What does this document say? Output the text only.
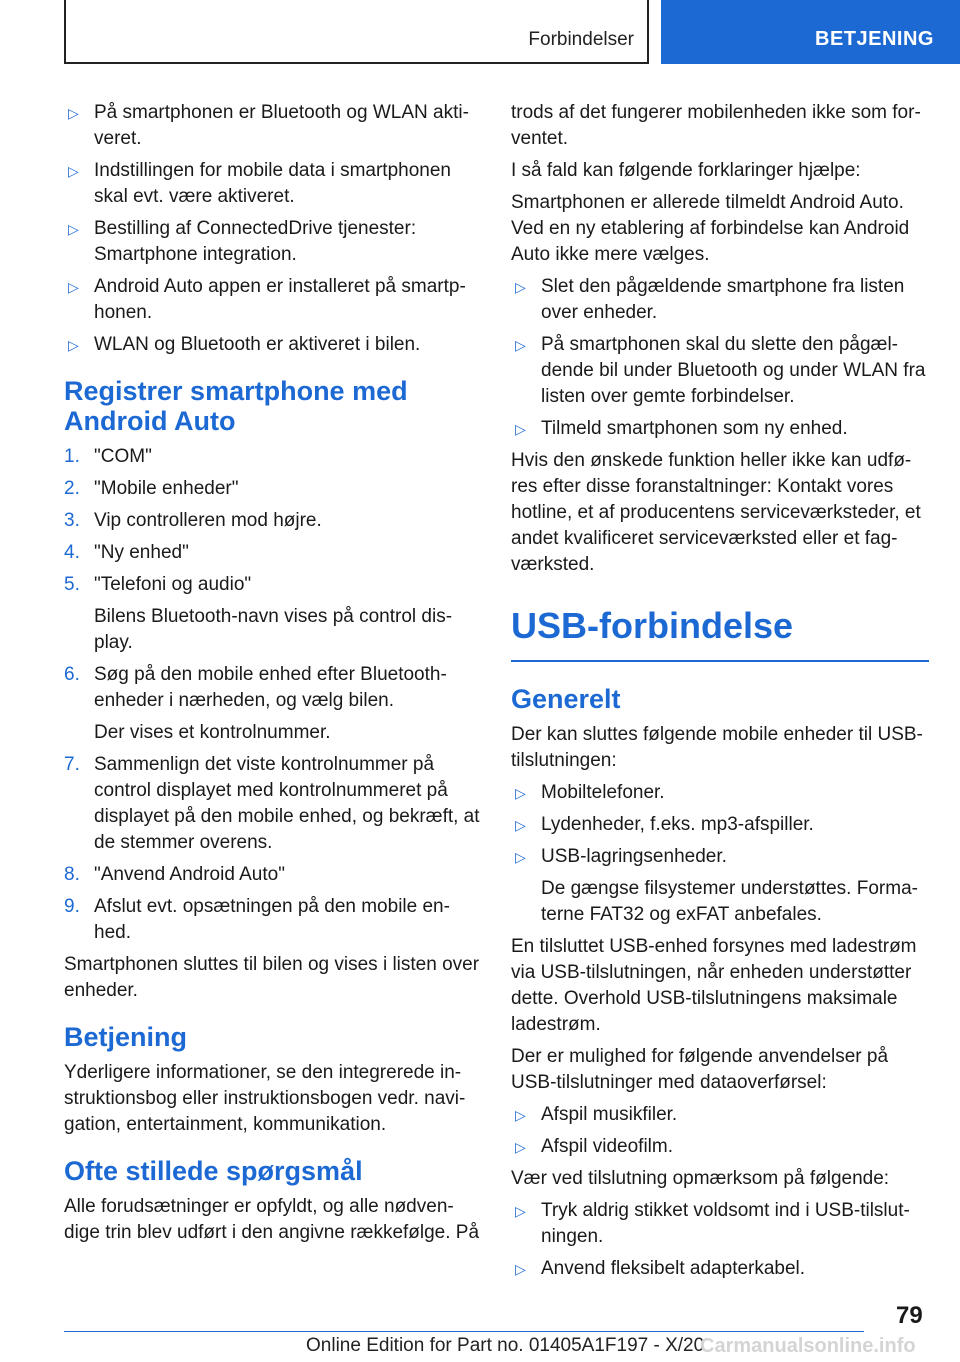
Forbindelser	BETJENING
▷ På smartphonen er Bluetooth og WLAN akti-veret.
▷ Indstillingen for mobile data i smartphonen skal evt. være aktiveret.
▷ Bestilling af ConnectedDrive tjenester: Smartphone integration.
▷ Android Auto appen er installeret på smartp-honen.
▷ WLAN og Bluetooth er aktiveret i bilen.
Registrer smartphone med Android Auto
1. "COM"
2. "Mobile enheder"
3. Vip controlleren mod højre.
4. "Ny enhed"
5. "Telefoni og audio"
Bilens Bluetooth-navn vises på control dis-play.
6. Søg på den mobile enhed efter Bluetooth-enheder i nærheden, og vælg bilen.
Der vises et kontrolnummer.
7. Sammenlign det viste kontrolnummer på control displayet med kontrolnummeret på displayet på den mobile enhed, og bekræft, at de stemmer overens.
8. "Anvend Android Auto"
9. Afslut evt. opsætningen på den mobile en-hed.

Smartphonen sluttes til bilen og vises i listen over enheder.

Betjening

Yderligere informationer, se den integrerede in-struktionsbog eller instruktionsbogen vedr. navi-gation, entertainment, kommunikation.

Ofte stillede spørgsmål

Alle forudsætninger er opfyldt, og alle nødven-dige trin blev udført i den angivne rækkefølge. På

trods af det fungerer mobilenheden ikke som for-ventet.

I så fald kan følgende forklaringer hjælpe:

Smartphonen er allerede tilmeldt Android Auto. Ved en ny etablering af forbindelse kan Android Auto ikke mere vælges.

▷ Slet den pågældende smartphone fra listen over enheder.
▷ På smartphonen skal du slette den pågæl-dende bil under Bluetooth og under WLAN fra listen over gemte forbindelser.
▷ Tilmeld smartphonen som ny enhed.

Hvis den ønskede funktion heller ikke kan udfø-res efter disse foranstaltninger: Kontakt vores hotline, et af producentens serviceværksteder, et andet kvalificeret serviceværksted eller et fag-værksted.

USB-forbindelse
Generelt

Der kan sluttes følgende mobile enheder til USB-tilslutningen:

▷ Mobiltelefoner.
▷ Lydenheder, f.eks. mp3-afspiller.
▷ USB-lagringsenheder.
De gængse filsystemer understøttes. Forma-terne FAT32 og exFAT anbefales.

En tilsluttet USB-enhed forsynes med ladestrøm via USB-tilslutningen, når enheden understøtter dette. Overhold USB-tilslutningens maksimale ladestrøm.

Der er mulighed for følgende anvendelser på USB-tilslutninger med dataoverførsel:

▷ Afspil musikfiler.
▷ Afspil videofilm.

Vær ved tilslutning opmærksom på følgende:

▷ Tryk aldrig stikket voldsomt ind i USB-tilslut-ningen.
▷ Anvend fleksibelt adapterkabel.
79
Online Edition for Part no. 01405A1F197 - X/20
Carmanualsonline.info
